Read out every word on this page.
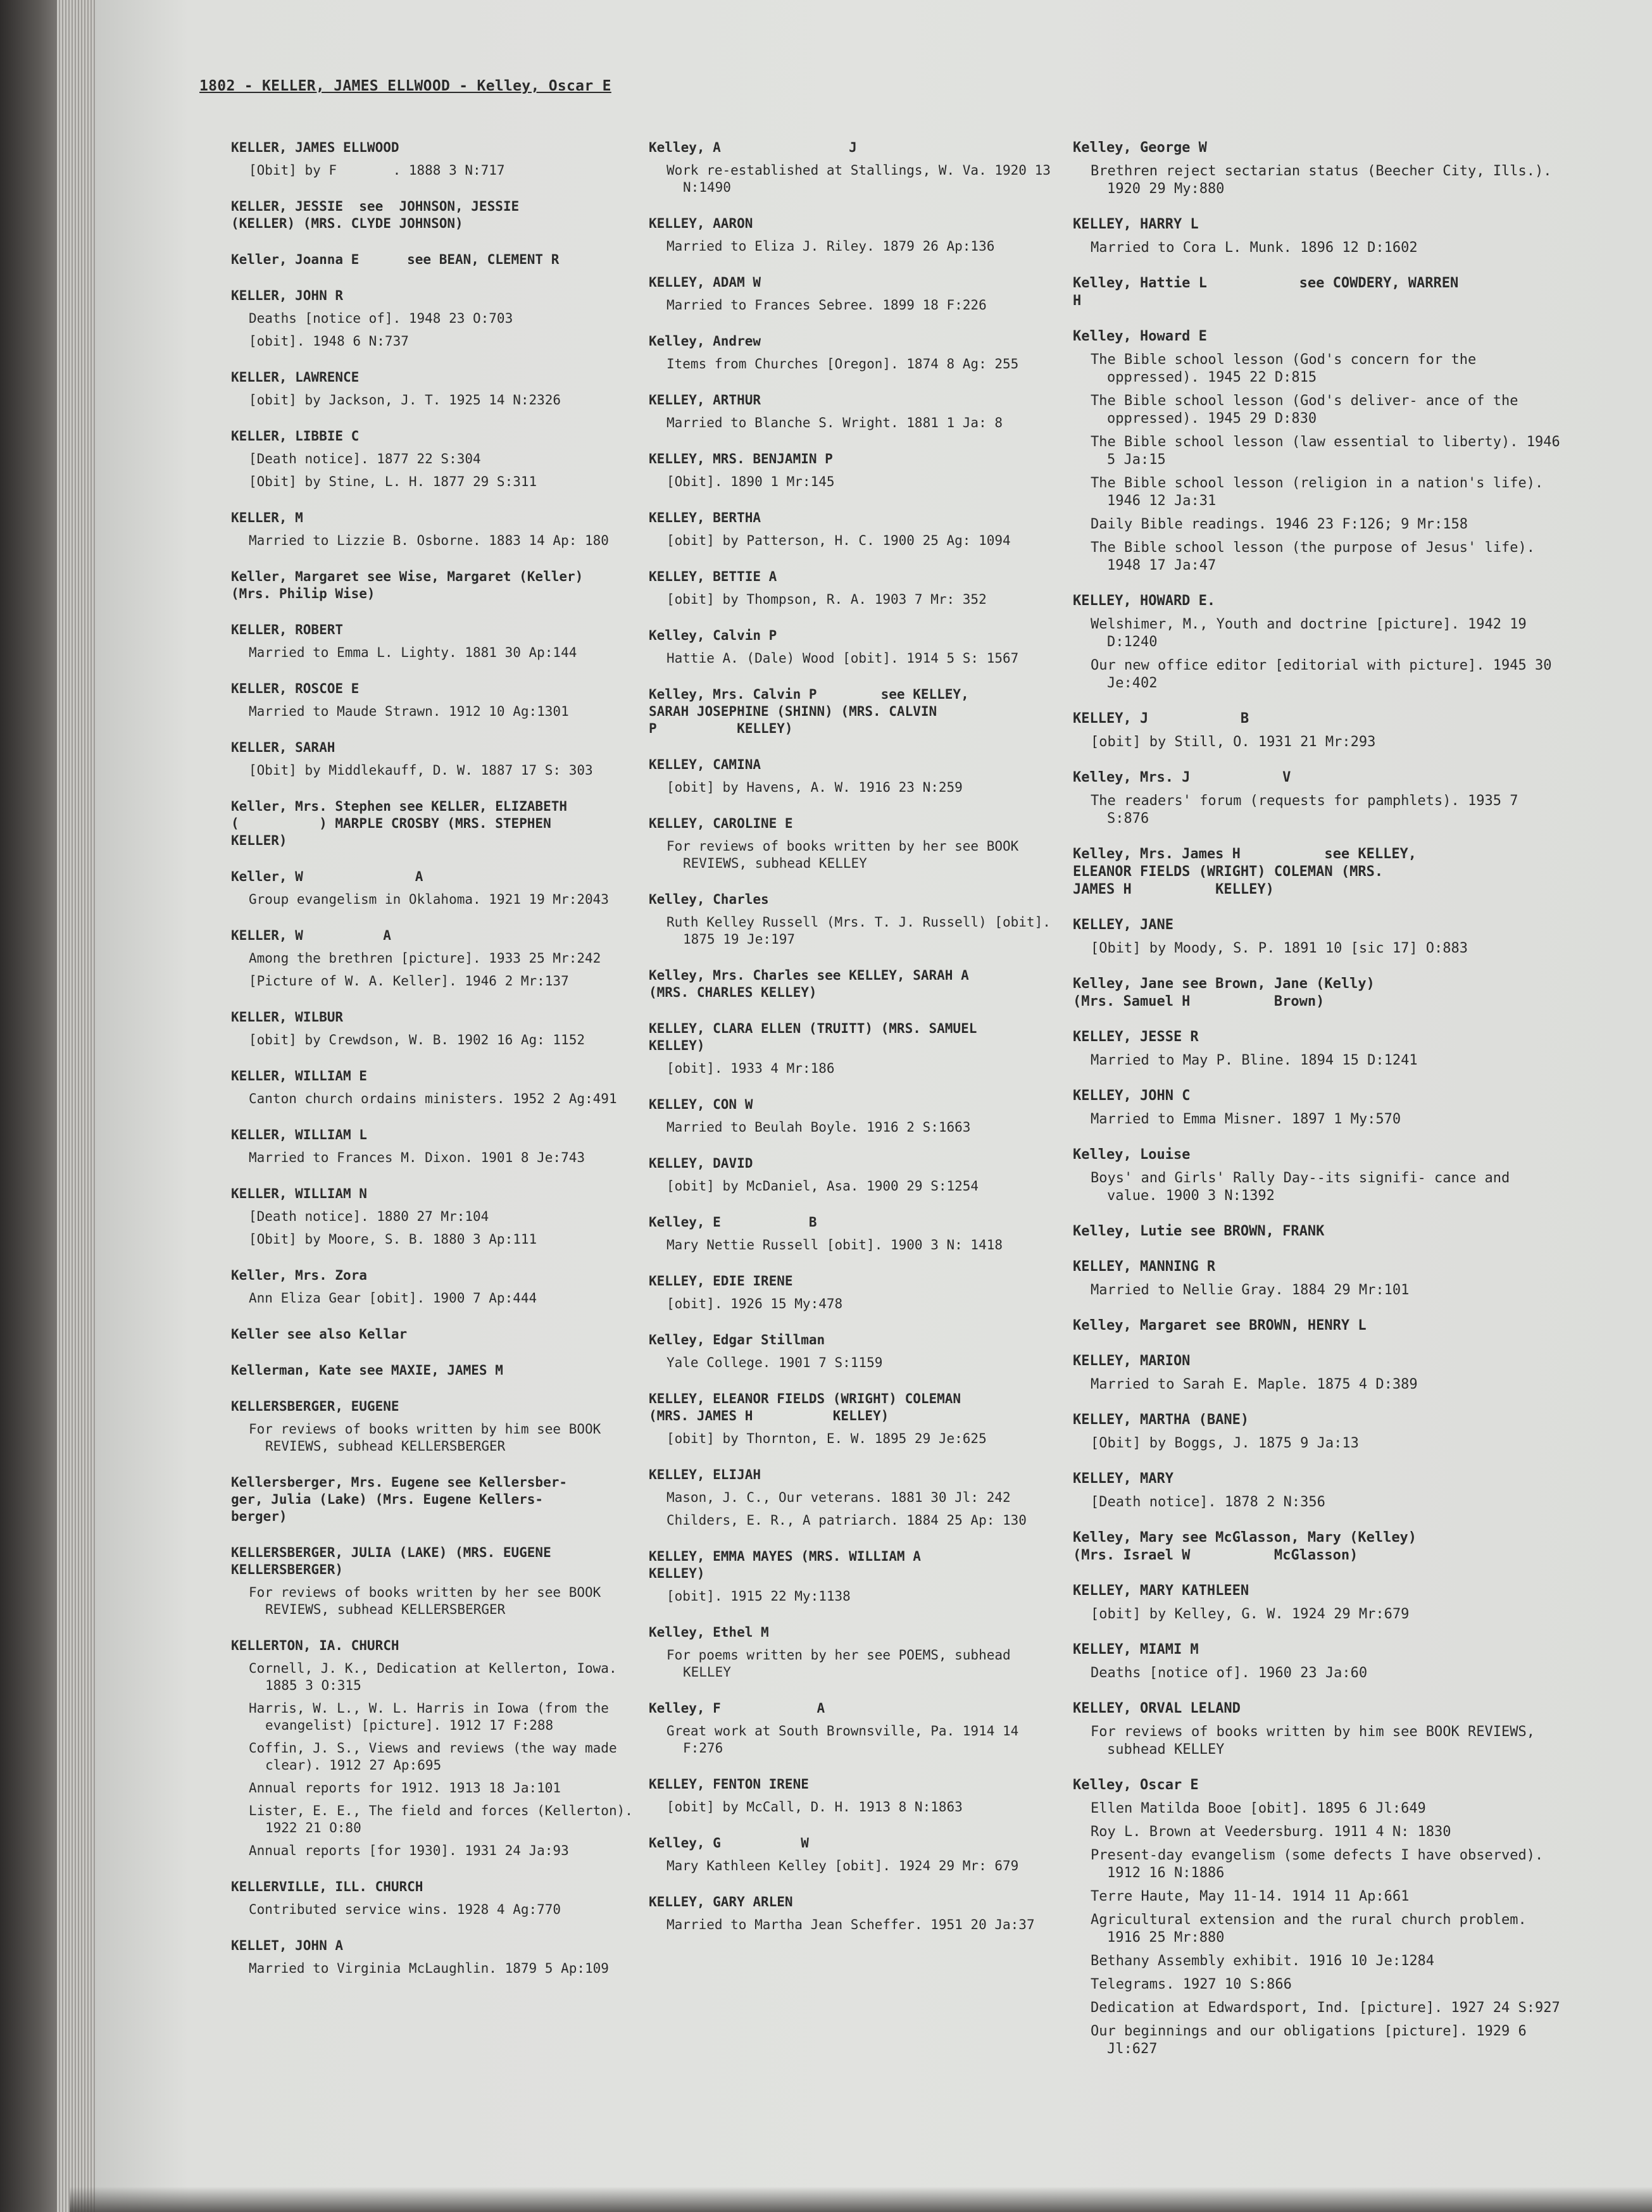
1802 - KELLER, JAMES ELLWOOD - Kelley, Oscar E
KELLER, JAMES ELLWOOD
[Obit] by F       . 1888 3 N:717
KELLER, JESSIE  see  JOHNSON, JESSIE
(KELLER) (MRS. CLYDE JOHNSON)
Keller, Joanna E      see BEAN, CLEMENT R
KELLER, JOHN R
Deaths [notice of]. 1948 23 O:703
[obit]. 1948 6 N:737
KELLER, LAWRENCE
[obit] by Jackson, J. T. 1925 14 N:2326
KELLER, LIBBIE C
[Death notice]. 1877 22 S:304
[Obit] by Stine, L. H. 1877 29 S:311
KELLER, M
Married to Lizzie B. Osborne. 1883 14 Ap: 180
Keller, Margaret see Wise, Margaret (Keller)
(Mrs. Philip Wise)
KELLER, ROBERT
Married to Emma L. Lighty. 1881 30 Ap:144
KELLER, ROSCOE E
Married to Maude Strawn. 1912 10 Ag:1301
KELLER, SARAH
[Obit] by Middlekauff, D. W. 1887 17 S: 303
Keller, Mrs. Stephen see KELLER, ELIZABETH
(          ) MARPLE CROSBY (MRS. STEPHEN
KELLER)
Keller, W              A
Group evangelism in Oklahoma. 1921 19 Mr:2043
KELLER, W          A
Among the brethren [picture]. 1933 25 Mr:242
[Picture of W. A. Keller]. 1946 2 Mr:137
KELLER, WILBUR
[obit] by Crewdson, W. B. 1902 16 Ag: 1152
KELLER, WILLIAM E
Canton church ordains ministers. 1952 2 Ag:491
KELLER, WILLIAM L
Married to Frances M. Dixon. 1901 8 Je:743
KELLER, WILLIAM N
[Death notice]. 1880 27 Mr:104
[Obit] by Moore, S. B. 1880 3 Ap:111
Keller, Mrs. Zora
Ann Eliza Gear [obit]. 1900 7 Ap:444
Keller see also Kellar
Kellerman, Kate see MAXIE, JAMES M
KELLERSBERGER, EUGENE
For reviews of books written by him see BOOK REVIEWS, subhead KELLERSBERGER
Kellersberger, Mrs. Eugene see Kellersber-
ger, Julia (Lake) (Mrs. Eugene Kellers-
berger)
KELLERSBERGER, JULIA (LAKE) (MRS. EUGENE
KELLERSBERGER)
For reviews of books written by her see BOOK REVIEWS, subhead KELLERSBERGER
KELLERTON, IA. CHURCH
Cornell, J. K., Dedication at Kellerton, Iowa. 1885 3 O:315
Harris, W. L., W. L. Harris in Iowa (from the evangelist) [picture]. 1912 17 F:288
Coffin, J. S., Views and reviews (the way made clear). 1912 27 Ap:695
Annual reports for 1912. 1913 18 Ja:101
Lister, E. E., The field and forces (Kellerton). 1922 21 O:80
Annual reports [for 1930]. 1931 24 Ja:93
KELLERVILLE, ILL. CHURCH
Contributed service wins. 1928 4 Ag:770
KELLET, JOHN A
Married to Virginia McLaughlin. 1879 5 Ap:109
Kelley, A                J
Work re-established at Stallings, W. Va. 1920 13 N:1490
KELLEY, AARON
Married to Eliza J. Riley. 1879 26 Ap:136
KELLEY, ADAM W
Married to Frances Sebree. 1899 18 F:226
Kelley, Andrew
Items from Churches [Oregon]. 1874 8 Ag: 255
KELLEY, ARTHUR
Married to Blanche S. Wright. 1881 1 Ja: 8
KELLEY, MRS. BENJAMIN P
[Obit]. 1890 1 Mr:145
KELLEY, BERTHA
[obit] by Patterson, H. C. 1900 25 Ag: 1094
KELLEY, BETTIE A
[obit] by Thompson, R. A. 1903 7 Mr: 352
Kelley, Calvin P
Hattie A. (Dale) Wood [obit]. 1914 5 S: 1567
Kelley, Mrs. Calvin P        see KELLEY,
SARAH JOSEPHINE (SHINN) (MRS. CALVIN
P          KELLEY)
KELLEY, CAMINA
[obit] by Havens, A. W. 1916 23 N:259
KELLEY, CAROLINE E
For reviews of books written by her see BOOK REVIEWS, subhead KELLEY
Kelley, Charles
Ruth Kelley Russell (Mrs. T. J. Russell) [obit]. 1875 19 Je:197
Kelley, Mrs. Charles see KELLEY, SARAH A
(MRS. CHARLES KELLEY)
KELLEY, CLARA ELLEN (TRUITT) (MRS. SAMUEL
KELLEY)
[obit]. 1933 4 Mr:186
KELLEY, CON W
Married to Beulah Boyle. 1916 2 S:1663
KELLEY, DAVID
[obit] by McDaniel, Asa. 1900 29 S:1254
Kelley, E           B
Mary Nettie Russell [obit]. 1900 3 N: 1418
KELLEY, EDIE IRENE
[obit]. 1926 15 My:478
Kelley, Edgar Stillman
Yale College. 1901 7 S:1159
KELLEY, ELEANOR FIELDS (WRIGHT) COLEMAN
(MRS. JAMES H          KELLEY)
[obit] by Thornton, E. W. 1895 29 Je:625
KELLEY, ELIJAH
Mason, J. C., Our veterans. 1881 30 Jl: 242
Childers, E. R., A patriarch. 1884 25 Ap: 130
KELLEY, EMMA MAYES (MRS. WILLIAM A
KELLEY)
[obit]. 1915 22 My:1138
Kelley, Ethel M
For poems written by her see POEMS, subhead KELLEY
Kelley, F            A
Great work at South Brownsville, Pa. 1914 14 F:276
KELLEY, FENTON IRENE
[obit] by McCall, D. H. 1913 8 N:1863
Kelley, G          W
Mary Kathleen Kelley [obit]. 1924 29 Mr: 679
KELLEY, GARY ARLEN
Married to Martha Jean Scheffer. 1951 20 Ja:37
Kelley, George W
Brethren reject sectarian status (Beecher City, Ills.). 1920 29 My:880
KELLEY, HARRY L
Married to Cora L. Munk. 1896 12 D:1602
Kelley, Hattie L           see COWDERY, WARREN
H
Kelley, Howard E
The Bible school lesson (God's concern for the oppressed). 1945 22 D:815
The Bible school lesson (God's deliver- ance of the oppressed). 1945 29 D:830
The Bible school lesson (law essential to liberty). 1946 5 Ja:15
The Bible school lesson (religion in a nation's life). 1946 12 Ja:31
Daily Bible readings. 1946 23 F:126; 9 Mr:158
The Bible school lesson (the purpose of Jesus' life). 1948 17 Ja:47
KELLEY, HOWARD E.
Welshimer, M., Youth and doctrine [picture]. 1942 19 D:1240
Our new office editor [editorial with picture]. 1945 30 Je:402
KELLEY, J           B
[obit] by Still, O. 1931 21 Mr:293
Kelley, Mrs. J           V
The readers' forum (requests for pamphlets). 1935 7 S:876
Kelley, Mrs. James H          see KELLEY,
ELEANOR FIELDS (WRIGHT) COLEMAN (MRS.
JAMES H          KELLEY)
KELLEY, JANE
[Obit] by Moody, S. P. 1891 10 [sic 17] O:883
Kelley, Jane see Brown, Jane (Kelly)
(Mrs. Samuel H          Brown)
KELLEY, JESSE R
Married to May P. Bline. 1894 15 D:1241
KELLEY, JOHN C
Married to Emma Misner. 1897 1 My:570
Kelley, Louise
Boys' and Girls' Rally Day--its signifi- cance and value. 1900 3 N:1392
Kelley, Lutie see BROWN, FRANK
KELLEY, MANNING R
Married to Nellie Gray. 1884 29 Mr:101
Kelley, Margaret see BROWN, HENRY L
KELLEY, MARION
Married to Sarah E. Maple. 1875 4 D:389
KELLEY, MARTHA (BANE)
[Obit] by Boggs, J. 1875 9 Ja:13
KELLEY, MARY
[Death notice]. 1878 2 N:356
Kelley, Mary see McGlasson, Mary (Kelley)
(Mrs. Israel W          McGlasson)
KELLEY, MARY KATHLEEN
[obit] by Kelley, G. W. 1924 29 Mr:679
KELLEY, MIAMI M
Deaths [notice of]. 1960 23 Ja:60
KELLEY, ORVAL LELAND
For reviews of books written by him see BOOK REVIEWS, subhead KELLEY
Kelley, Oscar E
Ellen Matilda Booe [obit]. 1895 6 Jl:649
Roy L. Brown at Veedersburg. 1911 4 N: 1830
Present-day evangelism (some defects I have observed). 1912 16 N:1886
Terre Haute, May 11-14. 1914 11 Ap:661
Agricultural extension and the rural church problem. 1916 25 Mr:880
Bethany Assembly exhibit. 1916 10 Je:1284
Telegrams. 1927 10 S:866
Dedication at Edwardsport, Ind. [picture]. 1927 24 S:927
Our beginnings and our obligations [picture]. 1929 6 Jl:627
